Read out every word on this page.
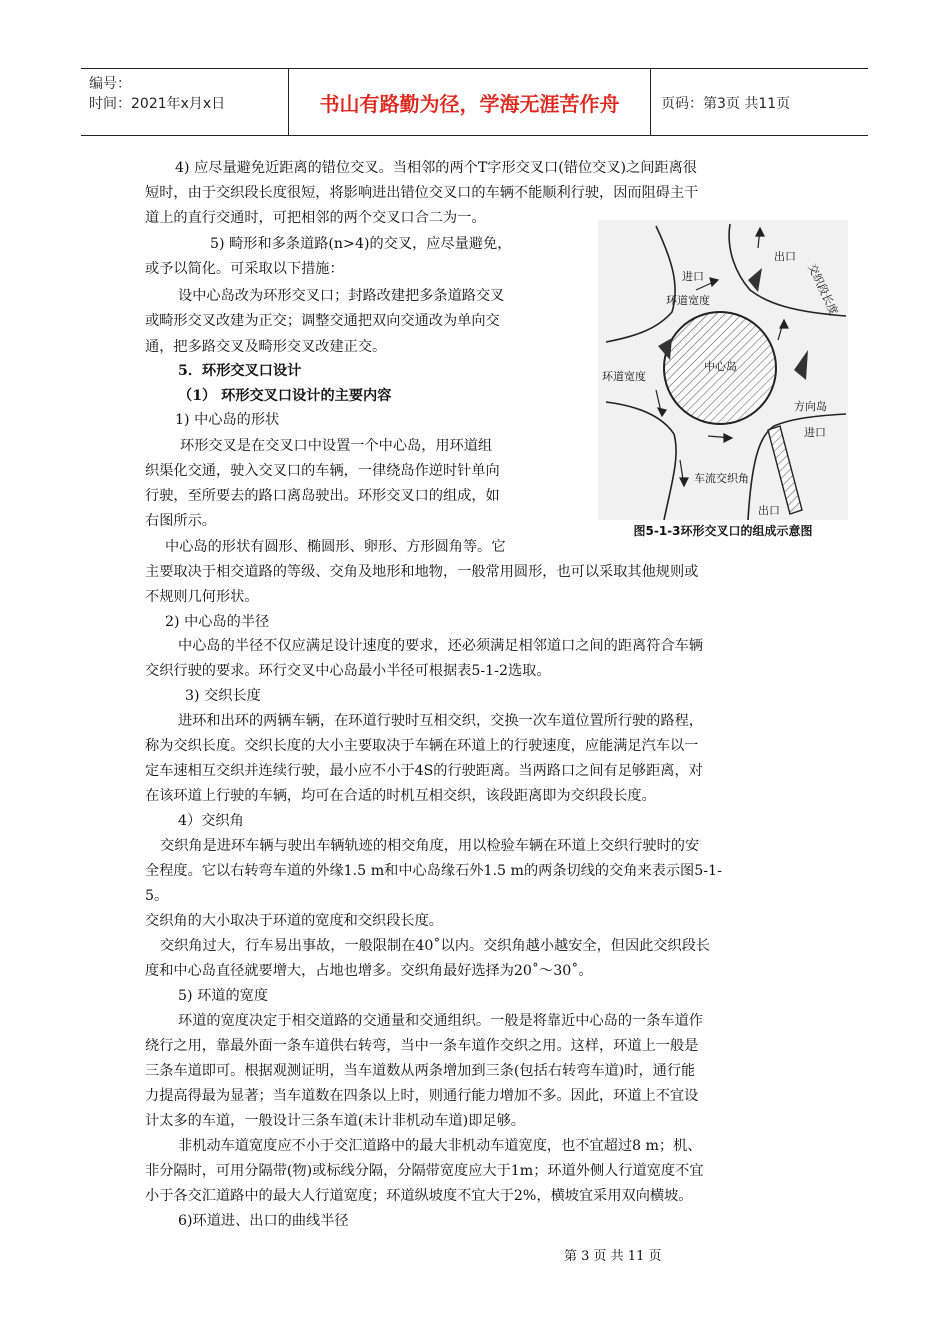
编号：
时间：2021年x月x日	书山有路勤为径，学海无涯苦作舟	页码：第3页 共11页
4) 应尽量避免近距离的错位交叉。当相邻的两个T字形交叉口(错位交叉)之间距离很
短时，由于交织段长度很短，将影响进出错位交叉口的车辆不能顺利行驶，因而阻碍主干
道上的直行交通时，可把相邻的两个交叉口合二为一。
5) 畸形和多条道路(n>4)的交叉，应尽量避免，
或予以简化。可采取以下措施：
设中心岛改为环形交叉口；封路改建把多条道路交叉
或畸形交叉改建为正交；调整交通把双向交通改为单向交
通，把多路交叉及畸形交叉改建正交。
5．环形交叉口设计
（1） 环形交叉口设计的主要内容
1) 中心岛的形状
环形交叉是在交叉口中设置一个中心岛，用环道组
织渠化交通，驶入交叉口的车辆，一律绕岛作逆时针单向
行驶，至所要去的路口离岛驶出。环形交叉口的组成，如
右图所示。
中心岛的形状有圆形、椭圆形、卵形、方形圆角等。它
主要取决于相交道路的等级、交角及地形和地物，一般常用圆形，也可以采取其他规则或
不规则几何形状。
2) 中心岛的半径
中心岛的半径不仅应满足设计速度的要求，还必须满足相邻道口之间的距离符合车辆
交织行驶的要求。环行交叉中心岛最小半径可根据表5-1-2选取。
3) 交织长度
进环和出环的两辆车辆，在环道行驶时互相交织，交换一次车道位置所行驶的路程，
称为交织长度。交织长度的大小主要取决于车辆在环道上的行驶速度，应能满足汽车以一
定车速相互交织并连续行驶，最小应不小于4S的行驶距离。当两路口之间有足够距离，对
在该环道上行驶的车辆，均可在合适的时机互相交织，该段距离即为交织段长度。
4）交织角
交织角是进环车辆与驶出车辆轨迹的相交角度，用以检验车辆在环道上交织行驶时的安
全程度。它以右转弯车道的外缘1.5 m和中心岛缘石外1.5 m的两条切线的交角来表示图5-1-
5。
交织角的大小取决于环道的宽度和交织段长度。
交织角过大，行车易出事故，一般限制在40˚以内。交织角越小越安全，但因此交织段长
度和中心岛直径就要增大，占地也增多。交织角最好选择为20˚～30˚。
5) 环道的宽度
环道的宽度决定于相交道路的交通量和交通组织。一般是将靠近中心岛的一条车道作
绕行之用，靠最外面一条车道供右转弯，当中一条车道作交织之用。这样，环道上一般是
三条车道即可。根据观测证明，当车道数从两条增加到三条(包括右转弯车道)时，通行能
力提高得最为显著；当车道数在四条以上时，则通行能力增加不多。因此，环道上不宜设
计太多的车道，一般设计三条车道(未计非机动车道)即足够。
非机动车道宽度应不小于交汇道路中的最大非机动车道宽度，也不宜超过8 m；机、
非分隔时，可用分隔带(物)或标线分隔，分隔带宽度应大于1m；环道外侧人行道宽度不宜
小于各交汇道路中的最大人行道宽度；环道纵坡度不宜大于2%，横坡宜采用双向横坡。
6)环道进、出口的曲线半径
出口
进口
环道宽度	交织段长度
中心岛
环道宽度
方向岛
进口
车流交织角
出口
图5-1-3环形交叉口的组成示意图
第 3 页 共 11 页
